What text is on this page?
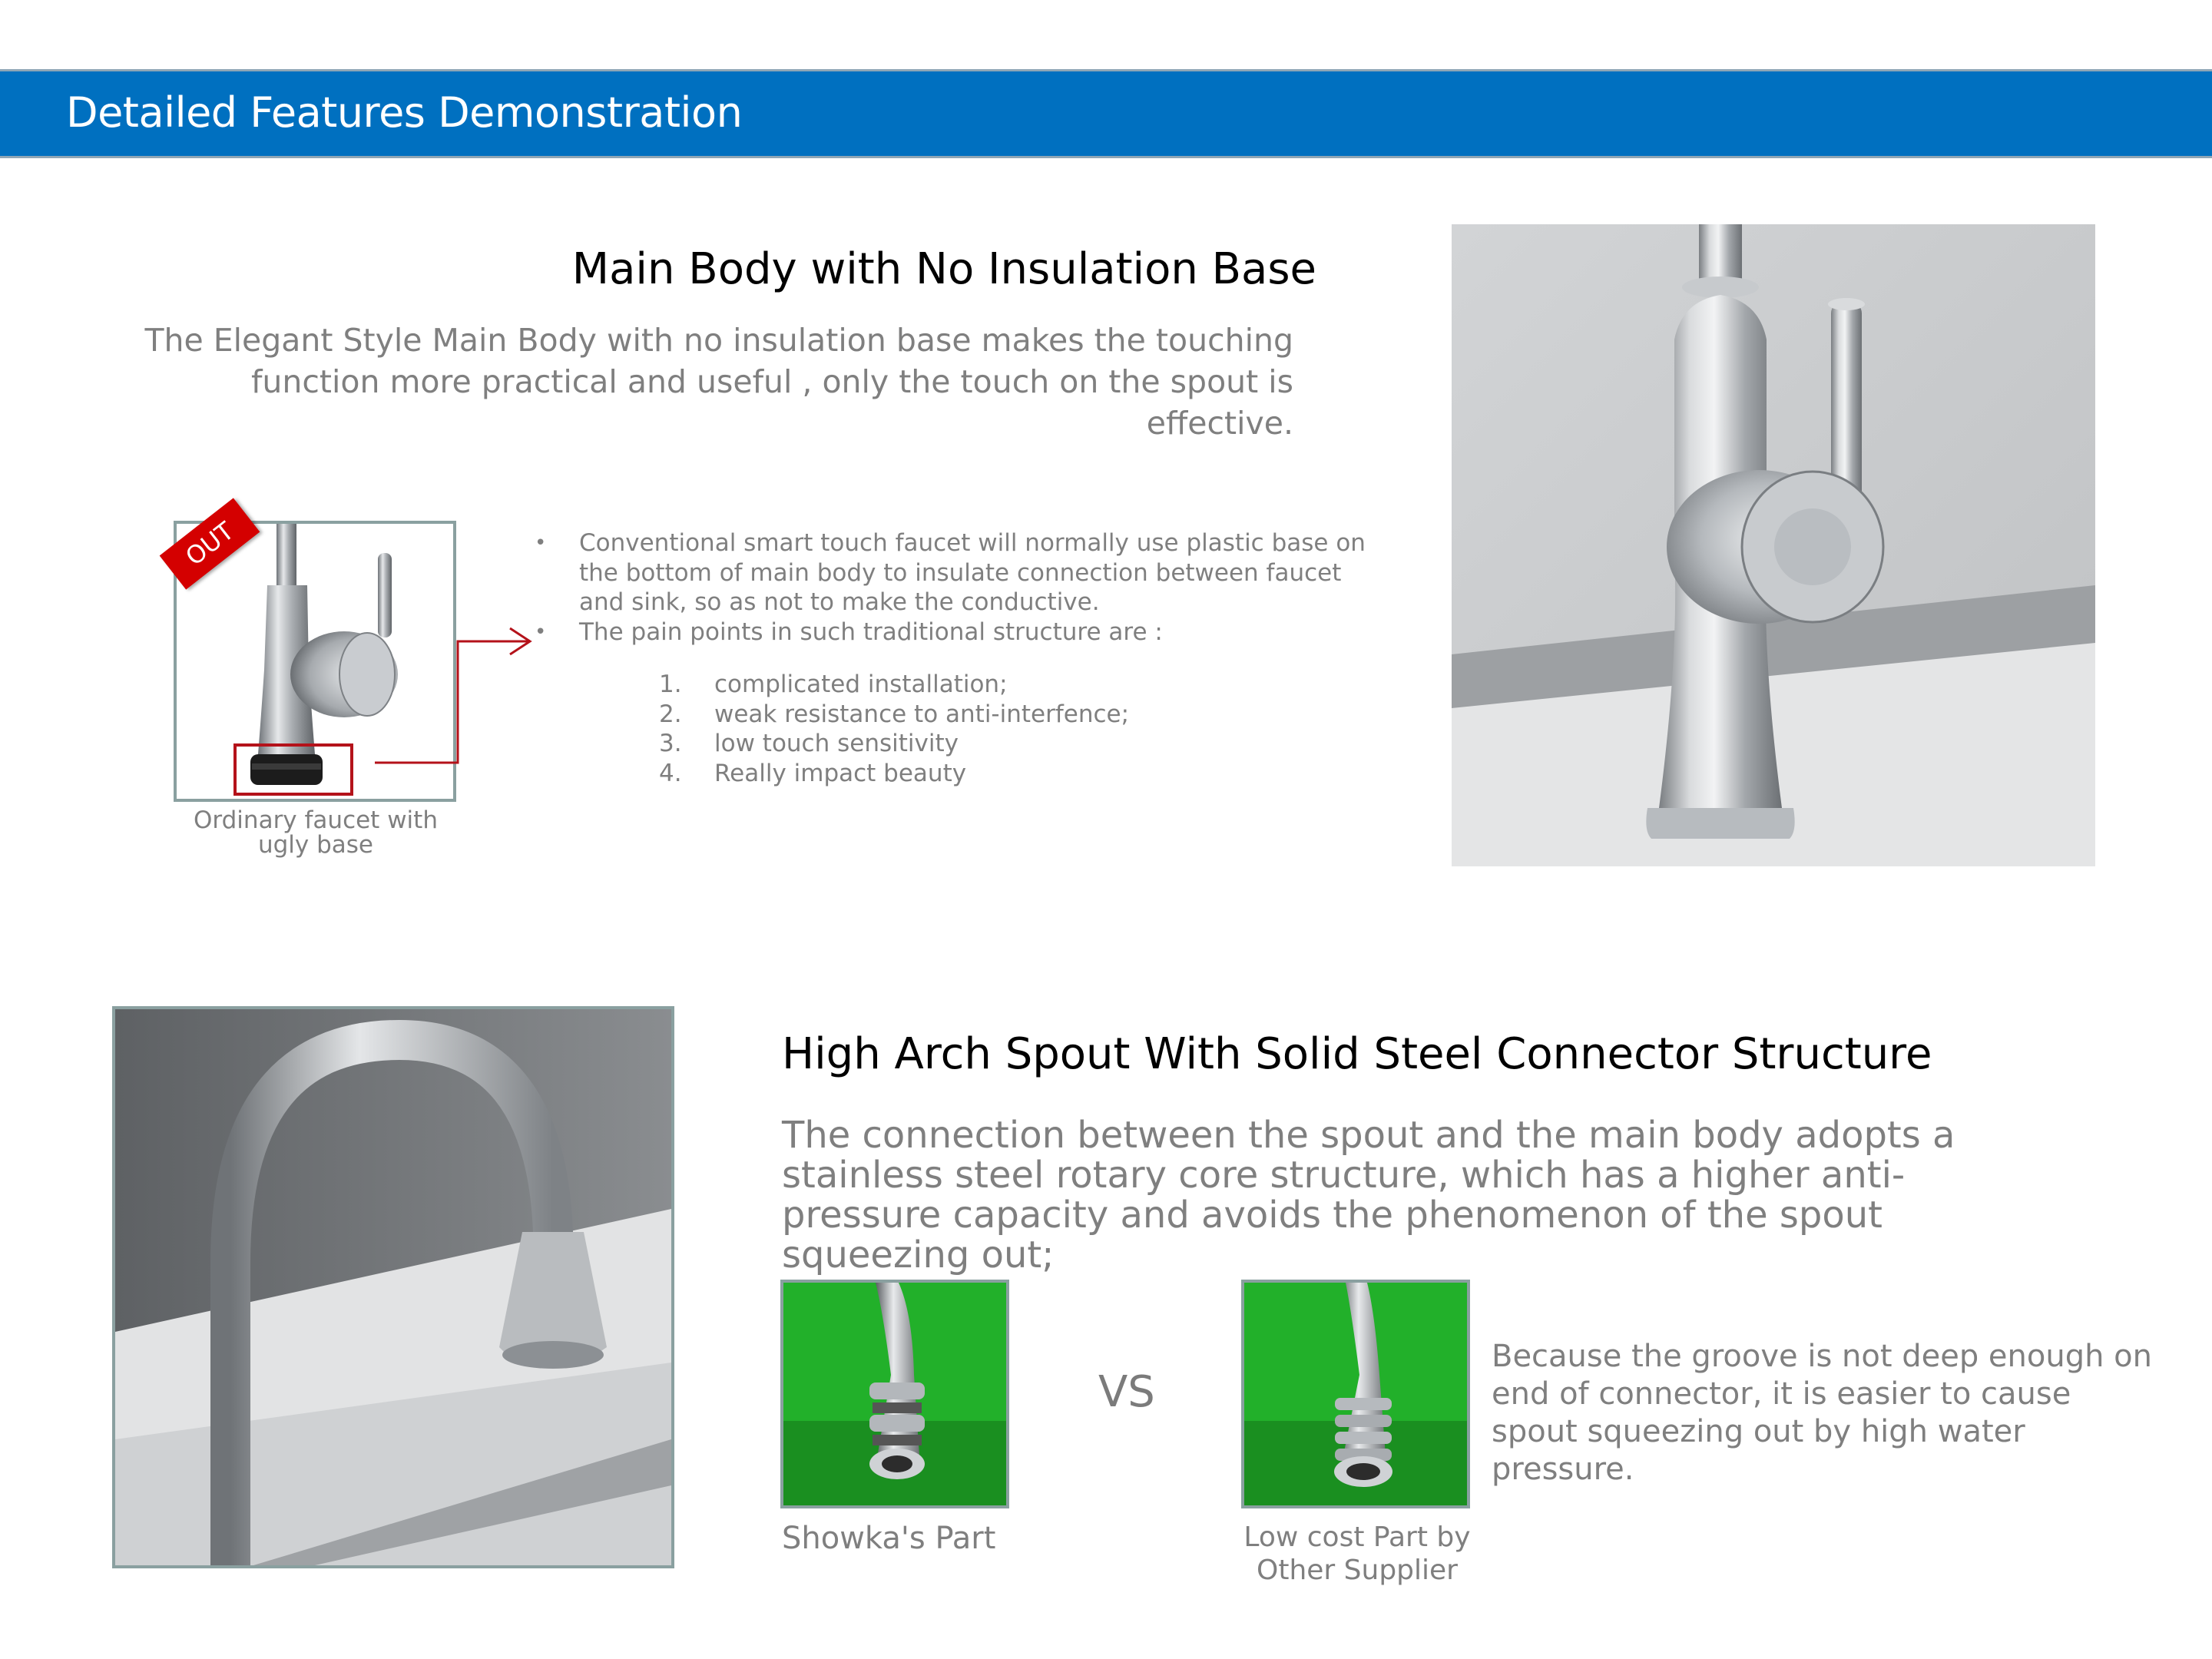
Detailed Features Demonstration
Main Body with No Insulation Base
The Elegant Style Main Body with no insulation base makes the touching function more practical and useful , only the touch on the spout is effective.
OUT
Ordinary faucet with
ugly base
• Conventional smart touch faucet will normally use plastic base on the bottom of main body to insulate connection between faucet and sink, so as not to make the conductive.
• The pain points in such traditional structure are :
1. complicated installation;
2. weak resistance to anti-interfence;
3. low touch sensitivity
4. Really impact beauty
High Arch Spout With Solid Steel Connector Structure
The connection between the spout and the main body adopts a stainless steel rotary core structure, which has a higher anti-pressure capacity and avoids the phenomenon of the spout squeezing out;
VS
Showka's Part	Low cost Part by
Other Supplier
Because the groove is not deep enough on end of connector, it is easier to cause spout squeezing out by high water pressure.
